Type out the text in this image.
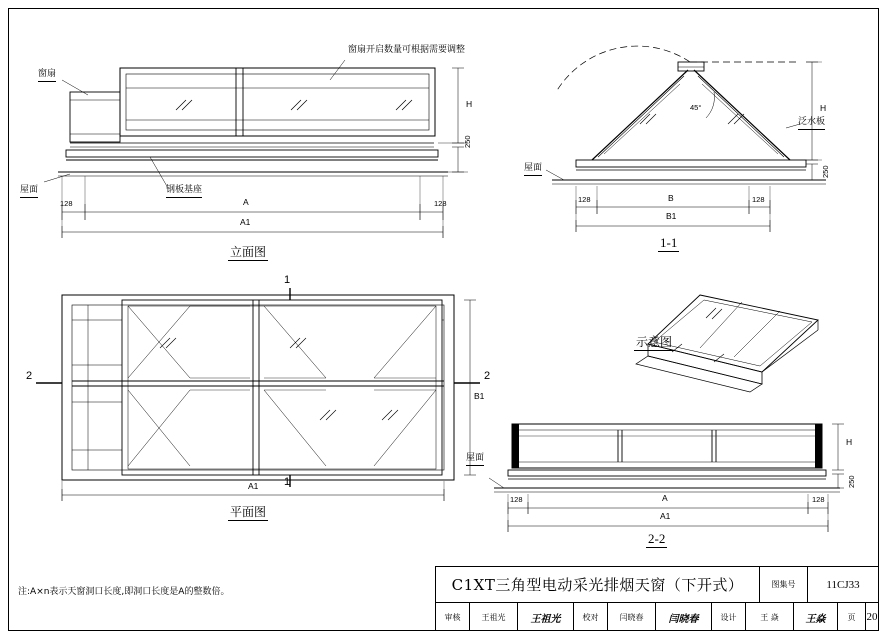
窗扇开启数量可根据需要调整
窗扇
屋面	钢板基座
H
250
A
A1
128	128
立面图
屋面
泛水板
45°	H
250
B
B1
128	128
1-1
1
1
2	2
B1
A1
平面图
示意图
屋面
H
250
A
A1
128	128
2-2
注:A×n表示天窗洞口长度,即洞口长度是A的整数倍。	C1XT三角型电动采光排烟天窗（下开式）	图集号	11CJ33
审核	王祖光	王祖光	校对	闫晓春	闫晓春	设计	王 焱	王焱	页	20
